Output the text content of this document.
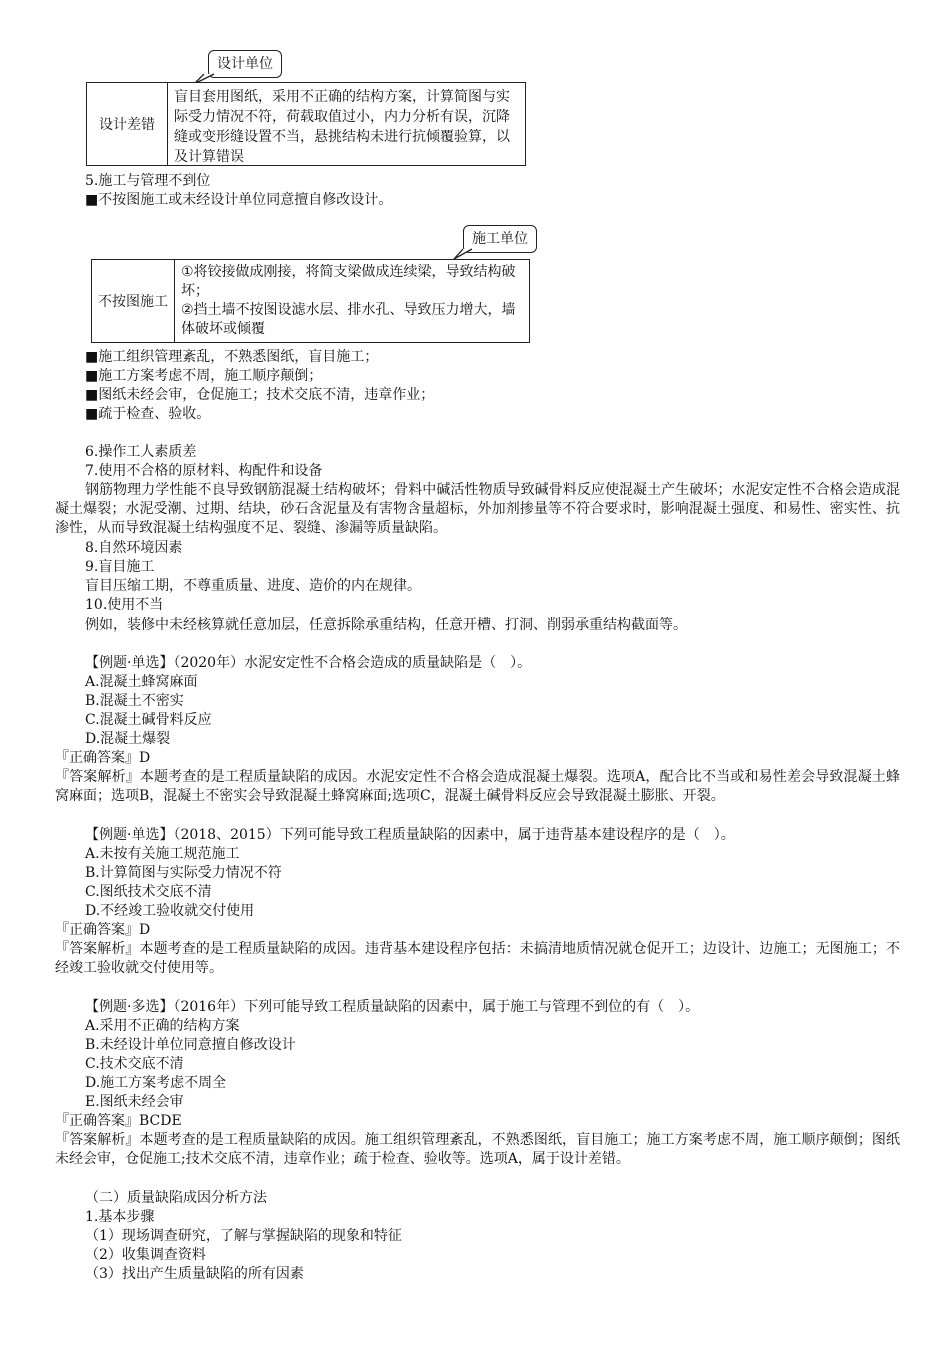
设计单位
设计差错
盲目套用图纸，采用不正确的结构方案，计算简图与实际受力情况不符，荷载取值过小，内力分析有误，沉降缝或变形缝设置不当，悬挑结构未进行抗倾覆验算，以及计算错误
5.施工与管理不到位
■不按图施工或未经设计单位同意擅自修改设计。
施工单位
不按图施工
①将铰接做成刚接，将简支梁做成连续梁，导致结构破坏；
②挡土墙不按图设滤水层、排水孔、导致压力增大，墙体破坏或倾覆
■施工组织管理紊乱，不熟悉图纸，盲目施工；
■施工方案考虑不周，施工顺序颠倒；
■图纸未经会审，仓促施工；技术交底不清，违章作业；
■疏于检查、验收。
6.操作工人素质差
7.使用不合格的原材料、构配件和设备
钢筋物理力学性能不良导致钢筋混凝土结构破坏；骨料中碱活性物质导致碱骨料反应使混凝土产生破坏；水泥安定性不合格会造成混凝土爆裂；水泥受潮、过期、结块，砂石含泥量及有害物含量超标，外加剂掺量等不符合要求时，影响混凝土强度、和易性、密实性、抗渗性，从而导致混凝土结构强度不足、裂缝、渗漏等质量缺陷。
8.自然环境因素
9.盲目施工
盲目压缩工期，不尊重质量、进度、造价的内在规律。
10.使用不当
例如，装修中未经核算就任意加层，任意拆除承重结构，任意开槽、打洞、削弱承重结构截面等。
【例题·单选】（2020年）水泥安定性不合格会造成的质量缺陷是（　）。
A.混凝土蜂窝麻面
B.混凝土不密实
C.混凝土碱骨料反应
D.混凝土爆裂
『正确答案』D
『答案解析』本题考查的是工程质量缺陷的成因。水泥安定性不合格会造成混凝土爆裂。选项A，配合比不当或和易性差会导致混凝土蜂窝麻面；选项B，混凝土不密实会导致混凝土蜂窝麻面;选项C，混凝土碱骨料反应会导致混凝土膨胀、开裂。
【例题·单选】（2018、2015）下列可能导致工程质量缺陷的因素中，属于违背基本建设程序的是（　）。
A.未按有关施工规范施工
B.计算简图与实际受力情况不符
C.图纸技术交底不清
D.不经竣工验收就交付使用
『正确答案』D
『答案解析』本题考查的是工程质量缺陷的成因。违背基本建设程序包括：未搞清地质情况就仓促开工；边设计、边施工；无图施工；不经竣工验收就交付使用等。
【例题·多选】（2016年）下列可能导致工程质量缺陷的因素中，属于施工与管理不到位的有（　）。
A.采用不正确的结构方案
B.未经设计单位同意擅自修改设计
C.技术交底不清
D.施工方案考虑不周全
E.图纸未经会审
『正确答案』BCDE
『答案解析』本题考查的是工程质量缺陷的成因。施工组织管理紊乱，不熟悉图纸，盲目施工；施工方案考虑不周，施工顺序颠倒；图纸未经会审，仓促施工;技术交底不清，违章作业；疏于检查、验收等。选项A，属于设计差错。
（二）质量缺陷成因分析方法
1.基本步骤
（1）现场调查研究，了解与掌握缺陷的现象和特征
（2）收集调查资料
（3）找出产生质量缺陷的所有因素
